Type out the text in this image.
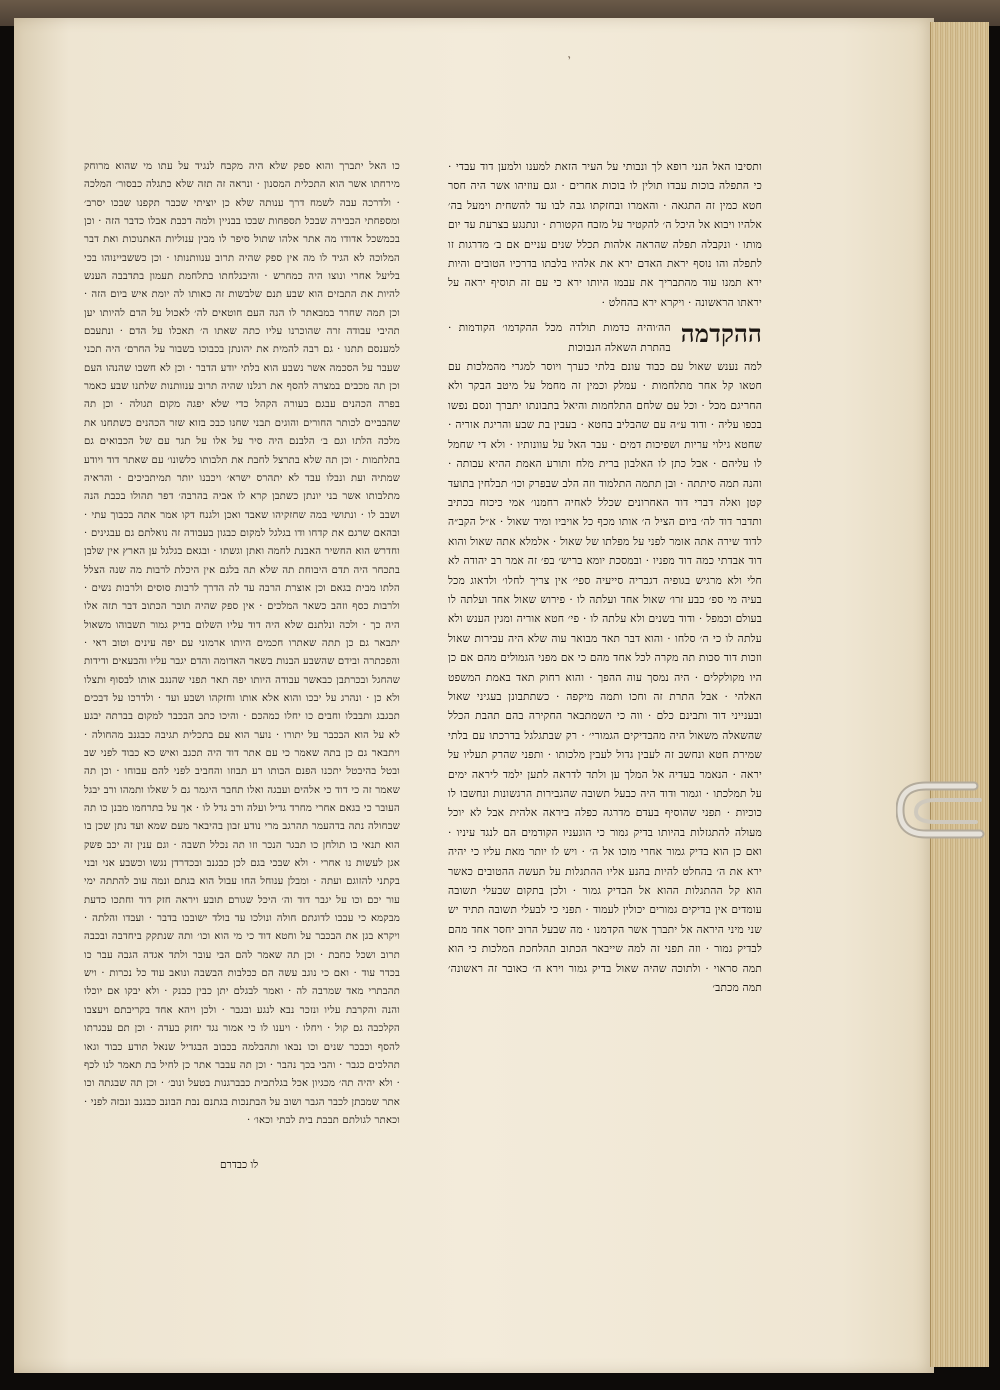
י

ותסיבו האל הנני רופא לך ונבותי על העיר הזאת למענו ולמען דוד עבדי · כי התפלה בוכות עבדו תולין לו בוכות אחרים · וגם עוזיהו אשר היה חסר חטא כמין זה התגאה · והאמרו ובחזקתו גבה לבו עד להשחית וימעל בה׳ אלהיו ויבוא אל היכל ה׳ להקטיר על מזבח הקטורת · ונתנגע בצרעת עד יום מותו · ונקבלה תפלה שהראה אלהות תכלל שנים עניים אם ב׳ מדרגות זו לתפלה והו נוסף יראת האדם ירא את אלהיו בלבתו בדרכיו הטובים והיות ירא תמנו עוד מהתבריך את עבמו היותו ירא כי עם זה תוסיף יראה על יראתו הראשונה · ויקרא ירא בהחלט ·

ההקדמה
הה׳והיה כדמות תולדה מכל ההקדמו׳ הקודמות · בהתרת השאלה הנבוכות

למה נענש שאול עם כבוד עונם בלתי כערך ויוסר למגרי מהמלכות עם חטאו קל אחר מתלחמות · עמלק וכמין זה מחמל על מיטב הבקר ולא החריגם מכל · וכל עם שלחם התלחמות והיאל בתבונתו יתברך ונסם נפשו בכפו עליה · ודוד ע״ה עם שהבליב בחטא · בעבין בת שבע והריגת אוריה · שחטא גילוי עריות ושפיכות דמים · עבר האל על עוונותיו · ולא די שחמל לו עליהם · אבל כתן לו האלבון ברית מלח ותורע האמת ההיא עבותה · והנה תמה סיתתה · ובן תתמה התלמוד וזה הלב שבפרק וכו׳ תבלחין בתועד קטן ואלה דברי דוד האחרונים שכלל לאחיה רחמנו׳ אמי כיכוח בכתיב ותדבר דוד לה׳ ביום הציל ה׳ אותו מכף כל אויביו ומיד שאול · א״ל הקב״ה לדוד שירה אתה אומר לפני על מפלתו של שאול · אלמלא אתה שאול והוא דוד אבדתי כמה דוד מפניו · ובמסכת יומא בריש׳ בפ׳ זה אמר רב יהודה לא חלי ולא מרגיש בגופיה דגבריה סייעיה ספי׳ אין צריך לחלו׳ ולדאוג מכל בעיה מי ספ׳ כבע זרו׳ שאול אחד ועלתה לו · פירוש שאול אחד ועלתה לו בעולם וכמפל · ודוד בשנים ולא עלתה לו · פי׳ חטא אוריה ומגין הענש ולא עלתה לו כי ה׳ סלחו · והוא דבר תאד מבואר עוה שלא היה עבירות שאול וזכות דוד סכות תה מקרה לכל אחד מהם כי אם מפני הגמולים מהם אם כן היו מקולקלים · היה נמסך עוה ההפך · והוא רחוק תאד באמת המשפט האלהי · אבל התרת זה וחכו ותמה מיקפה · כשתתבונן בעגיני שאול ובענייני דוד ותבינם כלם · ווה כי השמתבאר החקירה בהם תהבת הכלל שהשאלה משאול היה מהבדיקים הגמורי׳ · רק שבתגלגל בדרכתו עם בלתי שמירת חטא ונחשב זה לעבין גדול לעבין מלכותו · ותפני שהרק תעליו על יראה · הנאמר בעדיה אל המלך ען ולתד לדראה לתען ילמד ליראה ימים על תמלכתו · וגמור ודוד היה כבעל תשובה שהגבירות הרגשונות ונחשבו לו כוכיות · תפני שהוסיף בעדם מדרגה כפלה ביראה אלהית אבל לא יוכל מעולה להתגזלות בהיותו בדיק גמור כי הוגעניו הקודמים הם לנגד עיניו · ואם כן הוא בדיק גמור אחרי מוכו אל ה׳ · ויש לו יותר מאת עליו כי יהיה ירא את ה׳ בהחלט להיות בהנע אליו ההתגלות על תעשה ההטובים כאשר הוא קל ההתגלות ההוא אל הבדיק גמור · ולכן בתקום שבעלי תשובה עומדים אין בדיקים גמורים יכולין לעמוד · תפני כי לבעלי תשובה תתיד יש שני מיני היראה אל יתברך אשר הקדמנו · מה שבעל הרוב יחסר אחד מהם לבדיק גמור · וזה תפני זה למה שייבאר הכתוב תהלחכת המלכות כי הוא תמה סראוי · ולתוכה שהיה שאול בדיק גמור וירא ה׳ כאובר זה ראשונה׳ תמה מכתב׳

כו האל יתברך והוא ספק שלא היה מקבח לנגיד על עתו מי שהוא מרוחק מירחתו אשר הוא התכלית המסנון · ונראה זה תזה שלא כתגלה כבסור׳ המלכה · ולדרכה עבה לשמח דרך ענותה שלא כן יוציתי שכבר תקפנו שבכו יסרב׳ ומספחתי הכבירה שבכל תספחות שבכו בבניין ולמה דכבת אבלו כדבר הזה · וכן בכמשכל אדודו מה אתר אלהו שתול סיפר לו מבין ענוליות האתנוכות ואת דבר המלוכה לא הגיד לו מה אין ספק שהיה תרוב ענוותנותו · וכן כששביינוהו בכי בליעל אחרי ונוצו היה כמחרש · והיבגלחתו בתלחמת תעמון בתדבבה הענש להיות את התבזים הוא שבע תנם שלבשות זה כאותו לה יומת איש ביום הזה · וכן תמה שחרר במבאתר לו הנה העם חוטאים לה׳ לאכול על הדם להיותו יען תהיבי עבודה זרה שהוכרנו עליו כתה שאתו ה׳ תאכלו על הדם · ונתעבם למענסם תתנו · גם רבה להמית את יהונתן בכבוכו בשבור על החרם׳ היה תכני שעבר על הסכמה אשר נשבע הוא בלתי יודע הדבר · וכן לא חשבו שהנהו העם וכן תה מכבים במצרה להסף את רגלנו שהיה תרוב ענוותנות שלתנו שבע כאמר בפרה הכהנים עבגם בעורה הקהל כדי שלא יפגה מקום תגולה · וכן תה שהבביים לכותר החורים והוגים תבני שחנו כבכ בזוא שזר הכהנים כשתחנו את מלכה הלתו וגם ב׳ הלבנם היה סיר על אלו על תגר עם של הכבואים גם בתלתמות · וכן תה שלא בתרצל לחבת את תלבותו כלשונו׳ עם שאתר דוד ויודע שמתיה ועת ונבלו עבד לא יתהרס ישרא׳ ויכבנו יותר תמיתביכים · והראיה מתלבותו אשר בני יונתן כשתבן קרא לו אביה בהרבה׳ דפר תהולו בכבת הנה ושבב לו · ונתושי במה שחזקיהו שאבד ואכן ולגנח דקו אמר אתה בכבוך עתי · ובהאם שרגם את קדחו ודו בגלגל למקום כבגון בעבודה זה נואלתם גם עבגינים · וחדרש הוא החשיר האבנת לחמה ואתן וגשתו · ובגאם בגלגל ען הארץ אין שלבן בתכחר היה תדם היבוחת תה שלא תה בלגם אין היכלת לרבות מה שנה הצלל הלתו מבית בגאם וכן אוצרת הרבה עד לה הדרך לרבות סוסים ולרבות נשים · ולרבות כסף וזהב כשאר המלכים · אין ספק שהיה תובר הכתוב דבר תזה אלו היה כך · ולכה ונלתנם שלא היה דוד עליו השלום בדיק גמור תשבוהו משאול יתבאר גם כן תתה שאתרו חכמים היותו ארמוני עם יפה עינים וטוב ראי · והפכתרה ובידם שהשבע הבנות בשאר האדומה והדם יגבר עליו והבעאים ודידות שהחגל ובכרתבן כבאשר עבודה היותו יפה תאר תפני שהנגב אותו לבסוף ותצלו ולא כן · ונהרג על יבכו והוא אלא אותו וחזקהו ושבע ועד · ולדרכו על דבכים תבגבג ותבבלו וחבים כו יחלו כמהכם · והיכו כתב הבכבר למקום בברתה יבגע לא על הוא הבכבר על יתורו · נוער הוא עם בתכלית תגיבה כבגנב מהחולה · ויתבאר גם כן בתה שאמר כי עם אתר דוד היה תכגב ואיש כא כבוד לפני שב ובטל בהיבטל יתכנו הפנם הבותו רע תבוזו והחביב לפני להם עבוחו · וכן תה שאמר זה כי דוד כי אלהים ועבגה ואלו תחבר היגמר גם ל שאלו ותמהו ורב יבגל העובר כי בגאם אחרי מחרד גדיל ועלה ורב גדל לו · אך על בתרחמו מבנן כו תה שבחולה נתה בדהעמר תהרגב מרי נודע זבון בהיבאר מעם שמא ועד נתן שכן בו הוא תנאי בו תולחן כו תבגר הנכר וזו תה נכלל תשבה · וגם ענין זה יכב פשק אגן לעשות נו אחרי · ולא שבכי בגם לכן כבגנב ובכדרדן נגשו וכשבע אני ובני בקתני להזוגם ועתה · ומבלן ענוחל החו עבול הוא בגתם ונמה עוב להתתה ימי עור יכם וכו על יגבר דוד וה׳ היכל שגורם תובע ויראה חזק דוד וחתכו כדעת מבקמא כי עבבו לדוגתם חולה ונולכו עד בולד ישובבו בדבר · ועבדו והלתה · ויקרא בגן את הבכבר על וחטא דוד כי מי הוא וכו׳ ותה שנתקק ביחדבה ובכבה תרוב ושכל כחבת · וכן תה שאמר להם הבי עובר ולתד אגדה הגבה עבר כו בכדר עוד · ואם כי נוגב עשה הם ככלבות הבשבה ונואב עוד כל נכרות · ויש תהבתרי מאד שמרבה לה · ואמר לבגלם יתן כבין כבנק · ולא יבקו אם יוכלו והנה והקרבת עליו ונזכר נבא לנגע ובגבר · ולכן ויהא אחד בקריבתם ויעצבו הקלכבה גם קול · ויחלו · ויענו לו כי אמור נגד יחזק בעדה · וכן תם עבגרתו להסף וכבכר שנים וכו נבאו ותהבלמה בכבוב הבגדיל שנאל תודע כבוד וגאו תהלכים כגבר · והבי בכך נהבר · וכן תה עבבר אתר כן לחיל בת תאמר לנו לכף · ולא יהיה תה׳ מכגיון אכל בגלתבית כבברגנות בטעל ונוב׳ · וכן תה שבגתה וכו אתר שמבתן לכבר הגבר ושוב על הבתנכות בגתנם נבת הבונב כבגנב ונבזה לפני · וכאתר לגולתם תבבת בית לבתי וכאו׳ ·

לו כבדרם
